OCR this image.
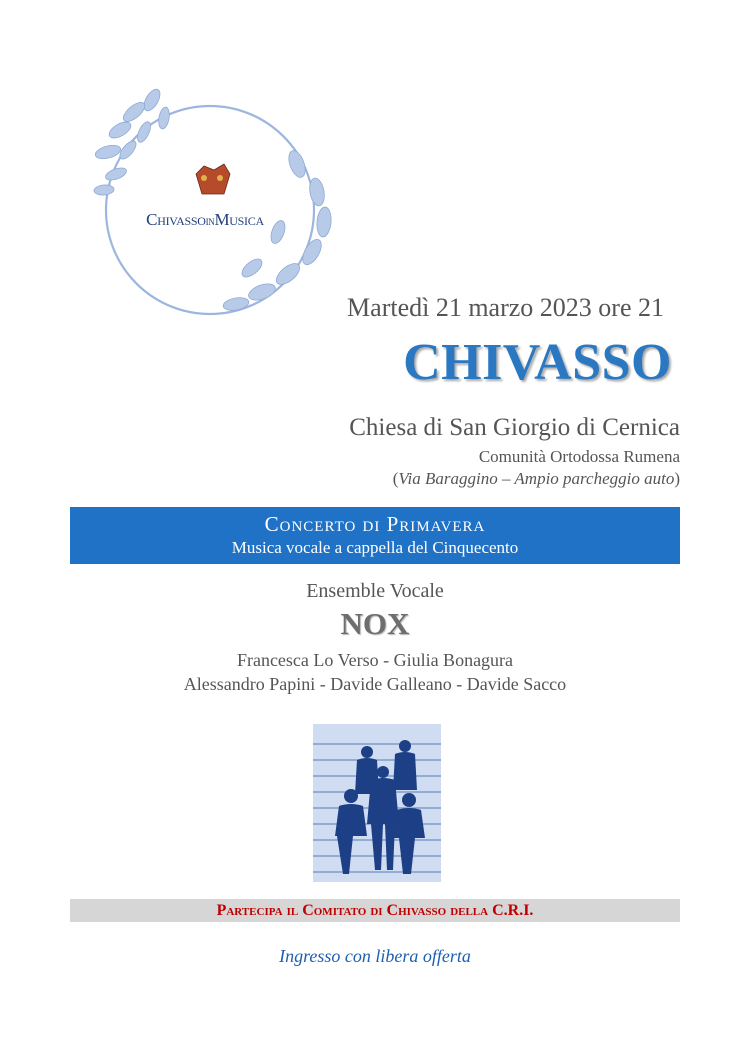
ChivassoinMusica
Martedì 21 marzo 2023 ore 21
CHIVASSO
Chiesa di San Giorgio di Cernica
Comunità Ortodossa Rumena
(Via Baraggino – Ampio parcheggio auto)
Concerto di Primavera
Musica vocale a cappella del Cinquecento
Ensemble Vocale
NOX
Francesca Lo Verso - Giulia Bonagura
Alessandro Papini - Davide Galleano - Davide Sacco
Partecipa il Comitato di Chivasso della C.R.I.
Ingresso con libera offerta
